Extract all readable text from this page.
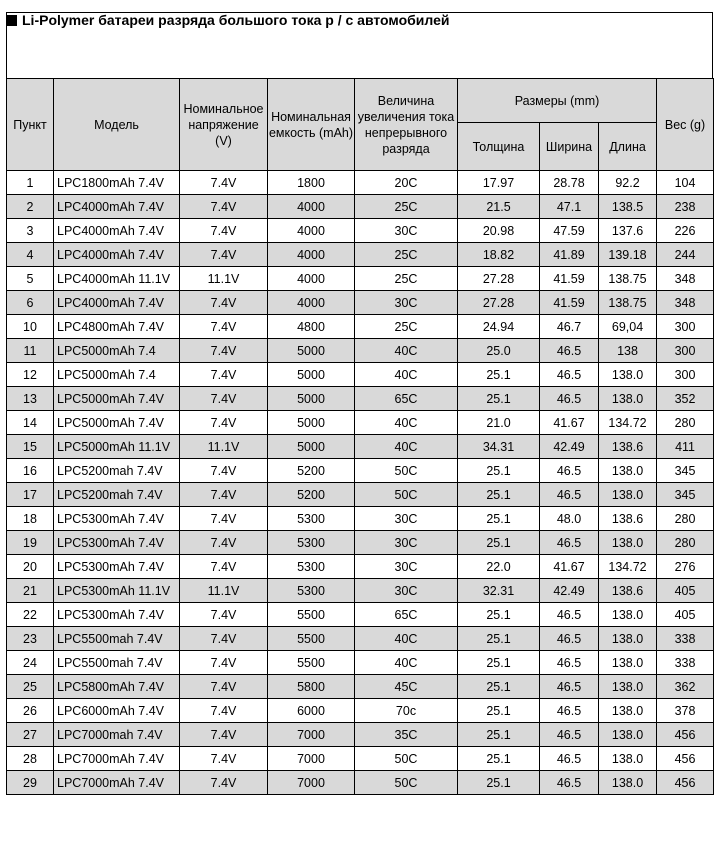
Li-Polymer батареи разряда большого тока р / с автомобилей
Пункт	Модель	Номинальное напряжение (V)	Номинальная емкость (mAh)	Величина увеличения тока непрерывного разряда	Размеры (mm)			Вес (g)
					Толщина	Ширина	Длина	
1	LPC1800mAh 7.4V	7.4V	1800	20C	17.97	28.78	92.2	104
2	LPC4000mAh 7.4V	7.4V	4000	25C	21.5	47.1	138.5	238
3	LPC4000mAh 7.4V	7.4V	4000	30C	20.98	47.59	137.6	226
4	LPC4000mAh 7.4V	7.4V	4000	25C	18.82	41.89	139.18	244
5	LPC4000mAh 11.1V	11.1V	4000	25C	27.28	41.59	138.75	348
6	LPC4000mAh 7.4V	7.4V	4000	30C	27.28	41.59	138.75	348
10	LPC4800mAh 7.4V	7.4V	4800	25C	24.94	46.7	69,04	300
11	LPC5000mAh 7.4	7.4V	5000	40C	25.0	46.5	138	300
12	LPC5000mAh 7.4	7.4V	5000	40C	25.1	46.5	138.0	300
13	LPC5000mAh 7.4V	7.4V	5000	65C	25.1	46.5	138.0	352
14	LPC5000mAh 7.4V	7.4V	5000	40C	21.0	41.67	134.72	280
15	LPC5000mAh 11.1V	11.1V	5000	40C	34.31	42.49	138.6	411
16	LPC5200mah 7.4V	7.4V	5200	50C	25.1	46.5	138.0	345
17	LPC5200mah 7.4V	7.4V	5200	50C	25.1	46.5	138.0	345
18	LPC5300mAh 7.4V	7.4V	5300	30C	25.1	48.0	138.6	280
19	LPC5300mAh 7.4V	7.4V	5300	30C	25.1	46.5	138.0	280
20	LPC5300mAh 7.4V	7.4V	5300	30C	22.0	41.67	134.72	276
21	LPC5300mAh 11.1V	11.1V	5300	30C	32.31	42.49	138.6	405
22	LPC5300mAh 7.4V	7.4V	5500	65C	25.1	46.5	138.0	405
23	LPC5500mah 7.4V	7.4V	5500	40C	25.1	46.5	138.0	338
24	LPC5500mah 7.4V	7.4V	5500	40C	25.1	46.5	138.0	338
25	LPC5800mAh 7.4V	7.4V	5800	45C	25.1	46.5	138.0	362
26	LPC6000mAh 7.4V	7.4V	6000	70c	25.1	46.5	138.0	378
27	LPC7000mah 7.4V	7.4V	7000	35C	25.1	46.5	138.0	456
28	LPC7000mAh 7.4V	7.4V	7000	50C	25.1	46.5	138.0	456
29	LPC7000mAh 7.4V	7.4V	7000	50C	25.1	46.5	138.0	456
